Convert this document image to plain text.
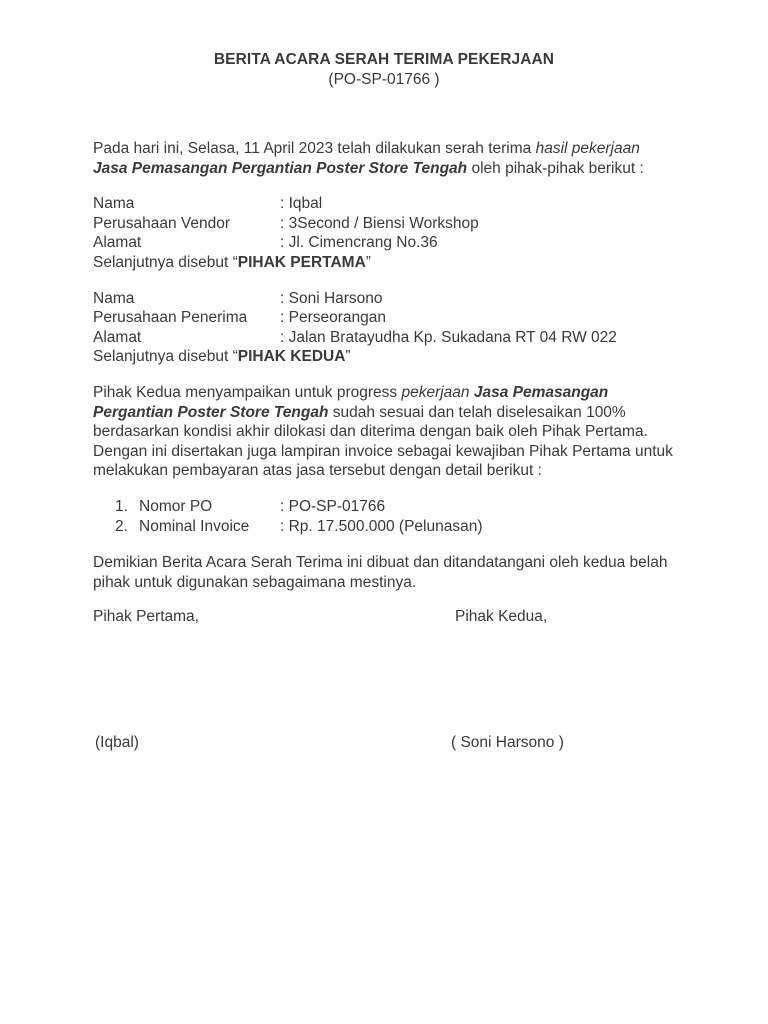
BERITA ACARA SERAH TERIMA PEKERJAAN
(PO-SP-01766 )

Pada hari ini, Selasa, 11 April 2023 telah dilakukan serah terima hasil pekerjaan
Jasa Pemasangan Pergantian Poster Store Tengah oleh pihak-pihak berikut :

Nama	: Iqbal
Perusahaan Vendor	: 3Second / Biensi Workshop
Alamat	: Jl. Cimencrang No.36
Selanjutnya disebut “PIHAK PERTAMA”
Nama	: Soni Harsono
Perusahaan Penerima	: Perseorangan
Alamat	: Jalan Bratayudha Kp. Sukadana RT 04 RW 022
Selanjutnya disebut “PIHAK KEDUA”

Pihak Kedua menyampaikan untuk progress pekerjaan Jasa Pemasangan Pergantian Poster Store Tengah sudah sesuai dan telah diselesaikan 100% berdasarkan kondisi akhir dilokasi dan diterima dengan baik oleh Pihak Pertama. Dengan ini disertakan juga lampiran invoice sebagai kewajiban Pihak Pertama untuk melakukan pembayaran atas jasa tersebut dengan detail berikut :

1. Nomor PO	: PO-SP-01766
2. Nominal Invoice	: Rp. 17.500.000 (Pelunasan)

Demikian Berita Acara Serah Terima ini dibuat dan ditandatangani oleh kedua belah pihak untuk digunakan sebagaimana mestinya.

Pihak Pertama,	Pihak Kedua,
(Iqbal)	( Soni Harsono )
